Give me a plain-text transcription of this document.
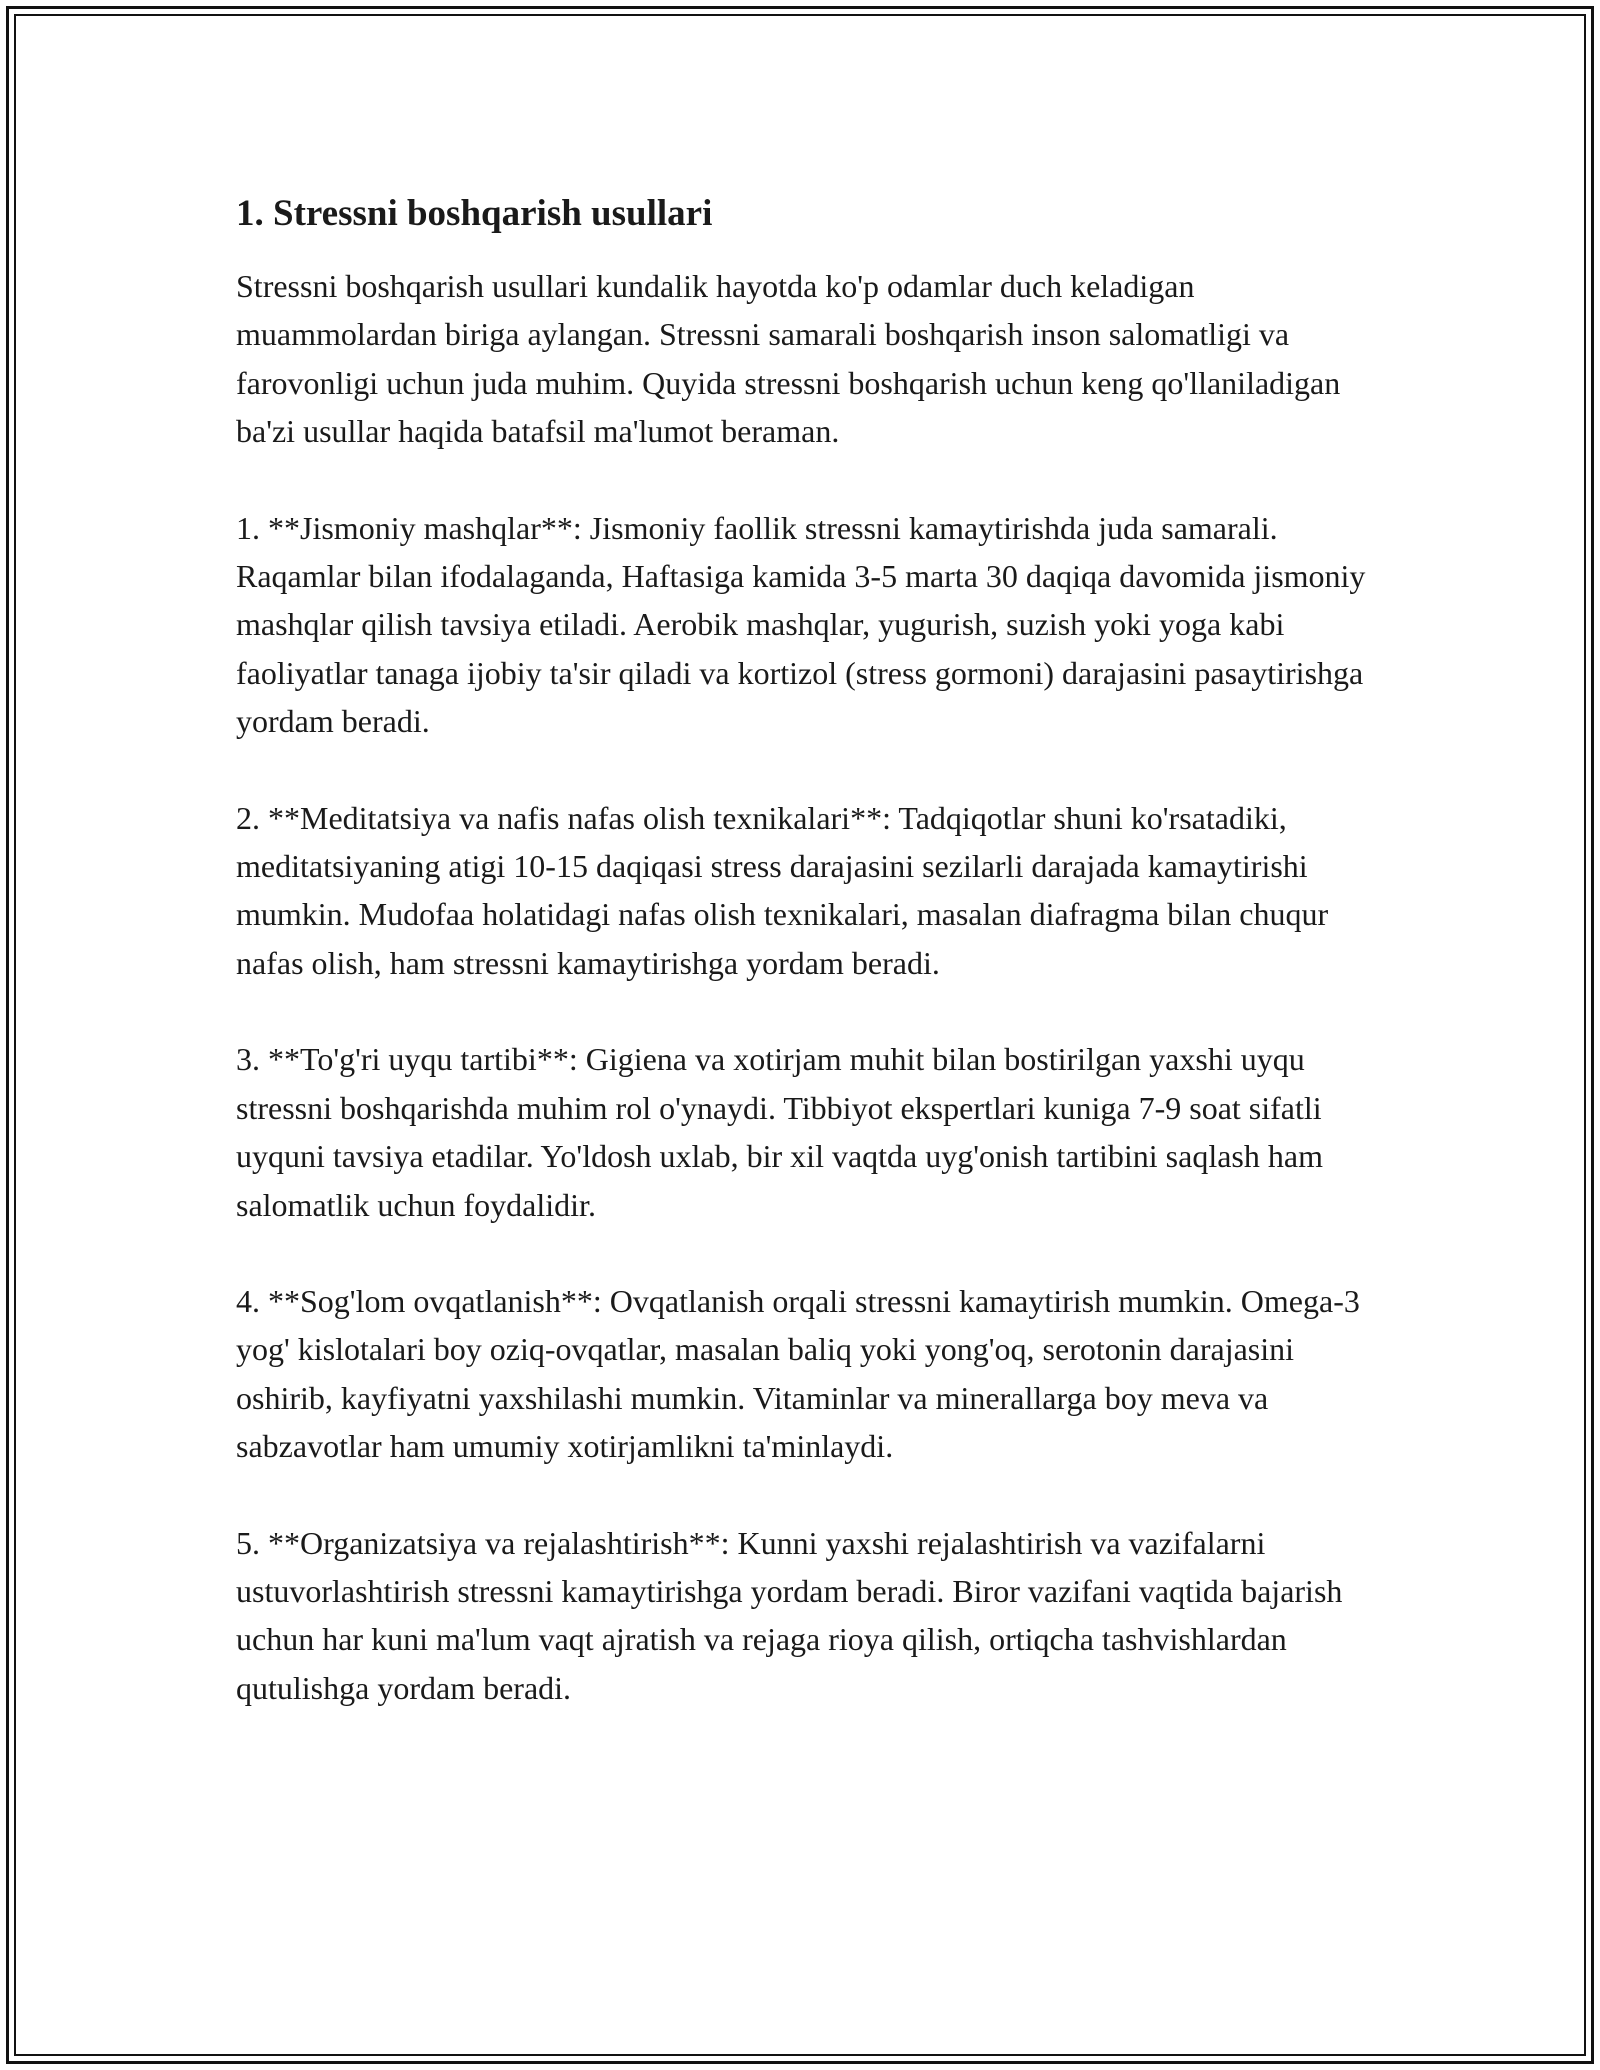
1. Stressni boshqarish usullari

Stressni boshqarish usullari kundalik hayotda ko'p odamlar duch keladigan muammolardan biriga aylangan. Stressni samarali boshqarish inson salomatligi va farovonligi uchun juda muhim. Quyida stressni boshqarish uchun keng qo'llaniladigan ba'zi usullar haqida batafsil ma'lumot beraman.

1. **Jismoniy mashqlar**: Jismoniy faollik stressni kamaytirishda juda samarali. Raqamlar bilan ifodalaganda, Haftasiga kamida 3-5 marta 30 daqiqa davomida jismoniy mashqlar qilish tavsiya etiladi. Aerobik mashqlar, yugurish, suzish yoki yoga kabi faoliyatlar tanaga ijobiy ta'sir qiladi va kortizol (stress gormoni) darajasini pasaytirishga yordam beradi.

2. **Meditatsiya va nafis nafas olish texnikalari**: Tadqiqotlar shuni ko'rsatadiki, meditatsiyaning atigi 10-15 daqiqasi stress darajasini sezilarli darajada kamaytirishi mumkin. Mudofaa holatidagi nafas olish texnikalari, masalan diafragma bilan chuqur nafas olish, ham stressni kamaytirishga yordam beradi.

3. **To'g'ri uyqu tartibi**: Gigiena va xotirjam muhit bilan bostirilgan yaxshi uyqu stressni boshqarishda muhim rol o'ynaydi. Tibbiyot ekspertlari kuniga 7-9 soat sifatli uyquni tavsiya etadilar. Yo'ldosh uxlab, bir xil vaqtda uyg'onish tartibini saqlash ham salomatlik uchun foydalidir.

4. **Sog'lom ovqatlanish**: Ovqatlanish orqali stressni kamaytirish mumkin. Omega-3 yog' kislotalari boy oziq-ovqatlar, masalan baliq yoki yong'oq, serotonin darajasini oshirib, kayfiyatni yaxshilashi mumkin. Vitaminlar va minerallarga boy meva va sabzavotlar ham umumiy xotirjamlikni ta'minlaydi.

5. **Organizatsiya va rejalashtirish**: Kunni yaxshi rejalashtirish va vazifalarni ustuvorlashtirish stressni kamaytirishga yordam beradi. Biror vazifani vaqtida bajarish uchun har kuni ma'lum vaqt ajratish va rejaga rioya qilish, ortiqcha tashvishlardan qutulishga yordam beradi.
